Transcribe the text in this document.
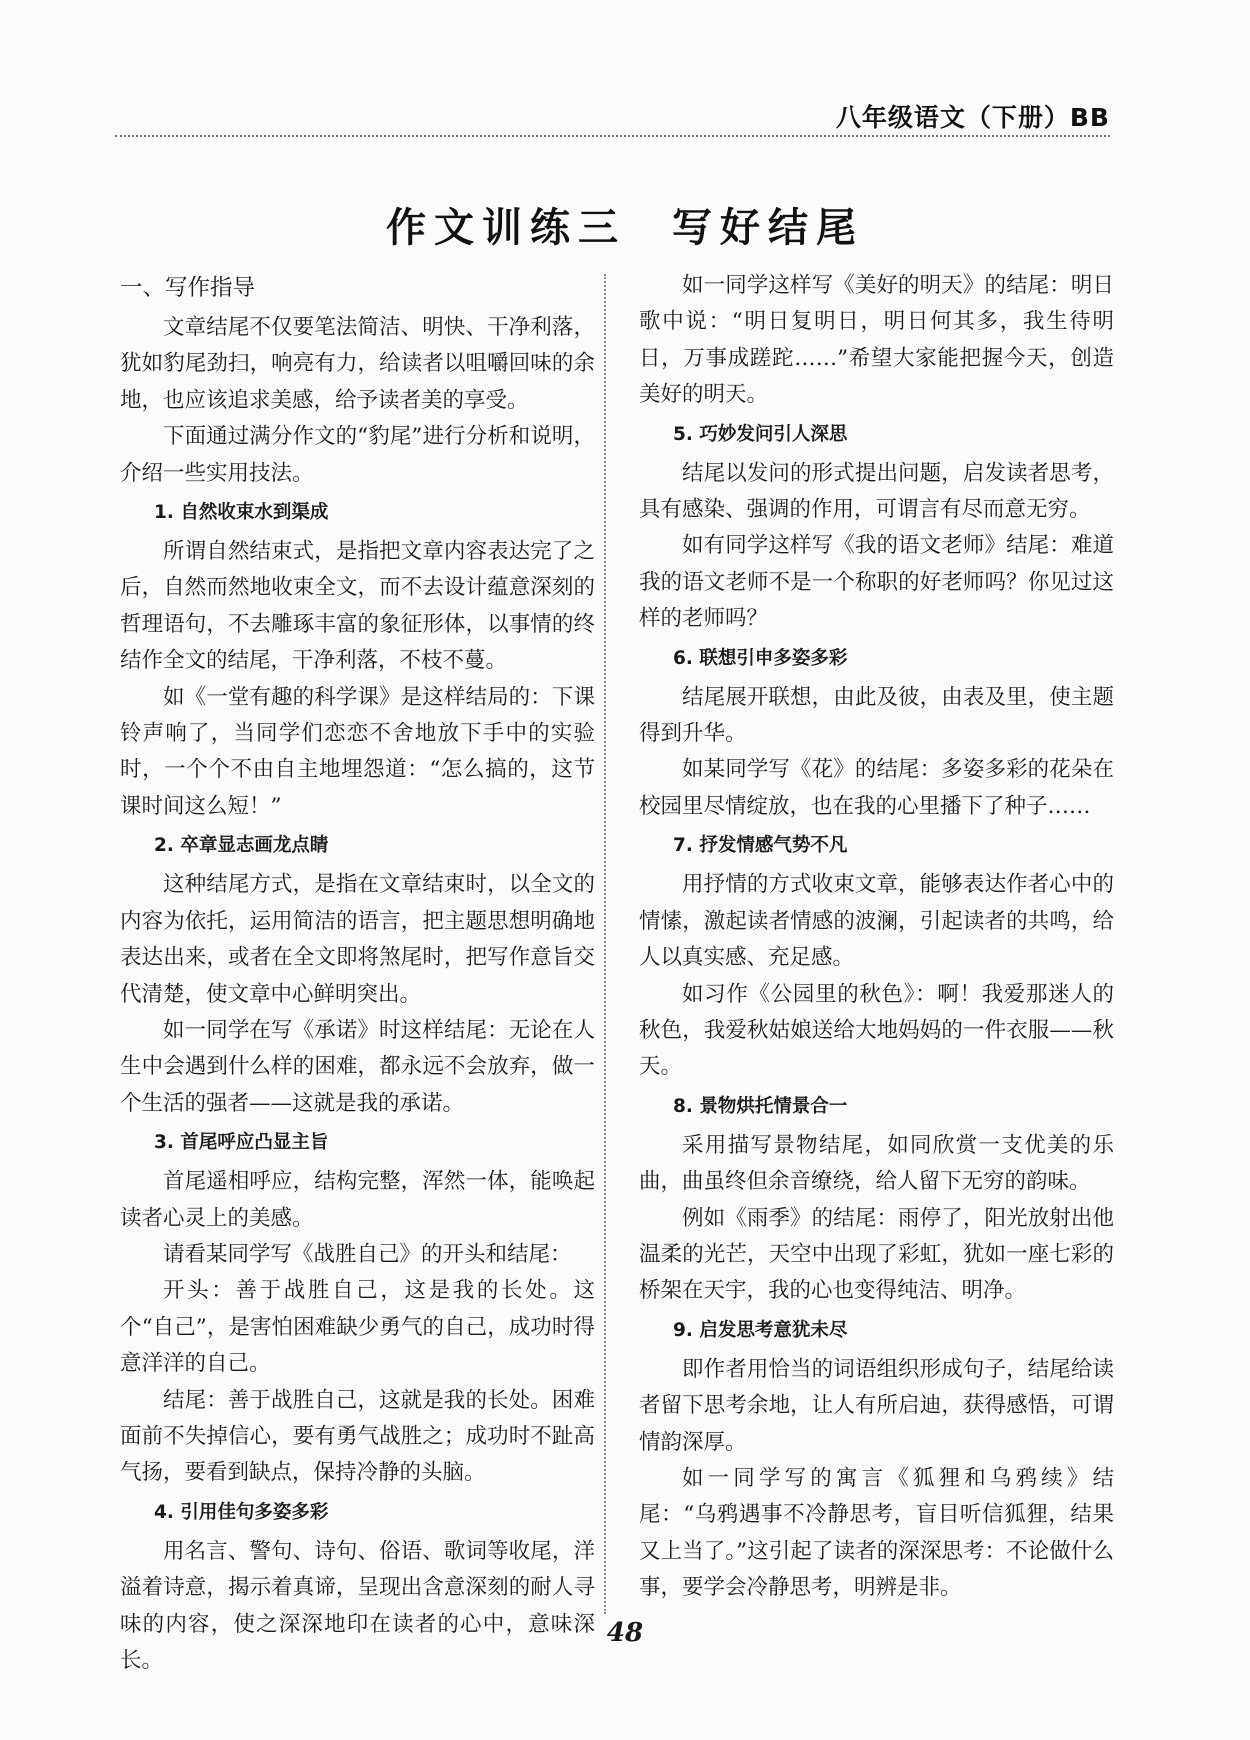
八年级语文（下册）BB
作文训练三 写好结尾
一、写作指导

文章结尾不仅要笔法简洁、明快、干净利落，犹如豹尾劲扫，响亮有力，给读者以咀嚼回味的余地，也应该追求美感，给予读者美的享受。

下面通过满分作文的“豹尾”进行分析和说明，介绍一些实用技法。

1. 自然收束水到渠成

所谓自然结束式，是指把文章内容表达完了之后，自然而然地收束全文，而不去设计蕴意深刻的哲理语句，不去雕琢丰富的象征形体，以事情的终结作全文的结尾，干净利落，不枝不蔓。

如《一堂有趣的科学课》是这样结局的：下课铃声响了，当同学们恋恋不舍地放下手中的实验时，一个个不由自主地埋怨道：“怎么搞的，这节课时间这么短！”

2. 卒章显志画龙点睛

这种结尾方式，是指在文章结束时，以全文的内容为依托，运用简洁的语言，把主题思想明确地表达出来，或者在全文即将煞尾时，把写作意旨交代清楚，使文章中心鲜明突出。

如一同学在写《承诺》时这样结尾：无论在人生中会遇到什么样的困难，都永远不会放弃，做一个生活的强者——这就是我的承诺。

3. 首尾呼应凸显主旨

首尾遥相呼应，结构完整，浑然一体，能唤起读者心灵上的美感。

请看某同学写《战胜自己》的开头和结尾：

开头：善于战胜自己，这是我的长处。这个“自己”，是害怕困难缺少勇气的自己，成功时得意洋洋的自己。

结尾：善于战胜自己，这就是我的长处。困难面前不失掉信心，要有勇气战胜之；成功时不趾高气扬，要看到缺点，保持冷静的头脑。

4. 引用佳句多姿多彩

用名言、警句、诗句、俗语、歌词等收尾，洋溢着诗意，揭示着真谛，呈现出含意深刻的耐人寻味的内容，使之深深地印在读者的心中，意味深长。

如一同学这样写《美好的明天》的结尾：明日歌中说：“明日复明日，明日何其多，我生待明日，万事成蹉跎……”希望大家能把握今天，创造美好的明天。

5. 巧妙发问引人深思

结尾以发问的形式提出问题，启发读者思考，具有感染、强调的作用，可谓言有尽而意无穷。

如有同学这样写《我的语文老师》结尾：难道我的语文老师不是一个称职的好老师吗？你见过这样的老师吗？

6. 联想引申多姿多彩

结尾展开联想，由此及彼，由表及里，使主题得到升华。

如某同学写《花》的结尾：多姿多彩的花朵在校园里尽情绽放，也在我的心里播下了种子……

7. 抒发情感气势不凡

用抒情的方式收束文章，能够表达作者心中的情愫，激起读者情感的波澜，引起读者的共鸣，给人以真实感、充足感。

如习作《公园里的秋色》：啊！我爱那迷人的秋色，我爱秋姑娘送给大地妈妈的一件衣服——秋天。

8. 景物烘托情景合一

采用描写景物结尾，如同欣赏一支优美的乐曲，曲虽终但余音缭绕，给人留下无穷的韵味。

例如《雨季》的结尾：雨停了，阳光放射出他温柔的光芒，天空中出现了彩虹，犹如一座七彩的桥架在天宇，我的心也变得纯洁、明净。

9. 启发思考意犹未尽

即作者用恰当的词语组织形成句子，结尾给读者留下思考余地，让人有所启迪，获得感悟，可谓情韵深厚。

如一同学写的寓言《狐狸和乌鸦续》结尾：“乌鸦遇事不冷静思考，盲目听信狐狸，结果又上当了。”这引起了读者的深深思考：不论做什么事，要学会冷静思考，明辨是非。

48
